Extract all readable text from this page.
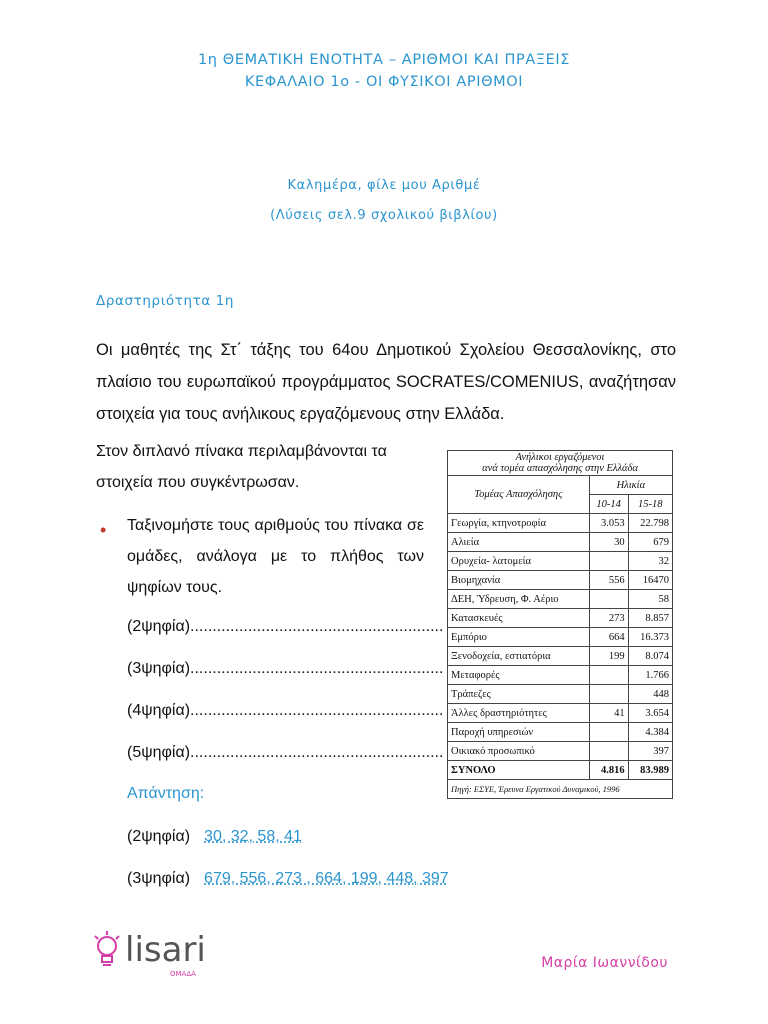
1η ΘΕΜΑΤΙΚΗ ΕΝΟΤΗΤΑ – ΑΡΙΘΜΟΙ ΚΑΙ ΠΡΑΞΕΙΣ
ΚΕΦΑΛΑΙΟ 1ο - ΟΙ ΦΥΣΙΚΟΙ ΑΡΙΘΜΟΙ
Καλημέρα, φίλε μου Αριθμέ
(Λύσεις σελ.9 σχολικού βιβλίου)
Δραστηριότητα 1η
Οι μαθητές της Στ΄ τάξης του 64ου Δημοτικού Σχολείου Θεσσαλονίκης, στο πλαίσιο του ευρωπαϊκού προγράμματος SOCRATES/COMENIUS, αναζήτησαν στοιχεία για τους ανήλικους εργαζόμενους στην Ελλάδα.
Στον διπλανό πίνακα περιλαμβάνονται τα στοιχεία που συγκέντρωσαν.
• Ταξινομήστε τους αριθμούς του πίνακα σε ομάδες, ανάλογα με το πλήθος των ψηφίων τους.
(2ψηφία).........................................................
(3ψηφία).........................................................
(4ψηφία).........................................................
(5ψηφία).........................................................
Απάντηση:
(2ψηφία) 30, 32, 58, 41
(3ψηφία) 679, 556, 273 , 664, 199, 448, 397
Ανήλικοι εργαζόμενοι
ανά τομέα απασχόλησης στην Ελλάδα		

Τομέας Απασχόλησης	Ηλικία	
	10-14	15-18
Γεωργία, κτηνοτροφία	3.053	22.798
Αλιεία	30	679
Ορυχεία- λατομεία		32
Βιομηχανία	556	16470
ΔΕΗ, Ύδρευση, Φ. Αέριο		58
Κατασκευές	273	8.857
Εμπόριο	664	16.373
Ξενοδοχεία, εστιατόρια	199	8.074
Μεταφορές		1.766
Τράπεζες		448
Άλλες δραστηριότητες	41	3.654
Παροχή υπηρεσιών		4.384
Οικιακό προσωπικό		397
ΣΥΝΟΛΟ	4.816	83.989
Πηγή: ΕΣΥΕ, Έρευνα Εργατικού Δυναμικού, 1996		
lisari
ΟΜΑΔΑ
Μαρία Ιωαννίδου
